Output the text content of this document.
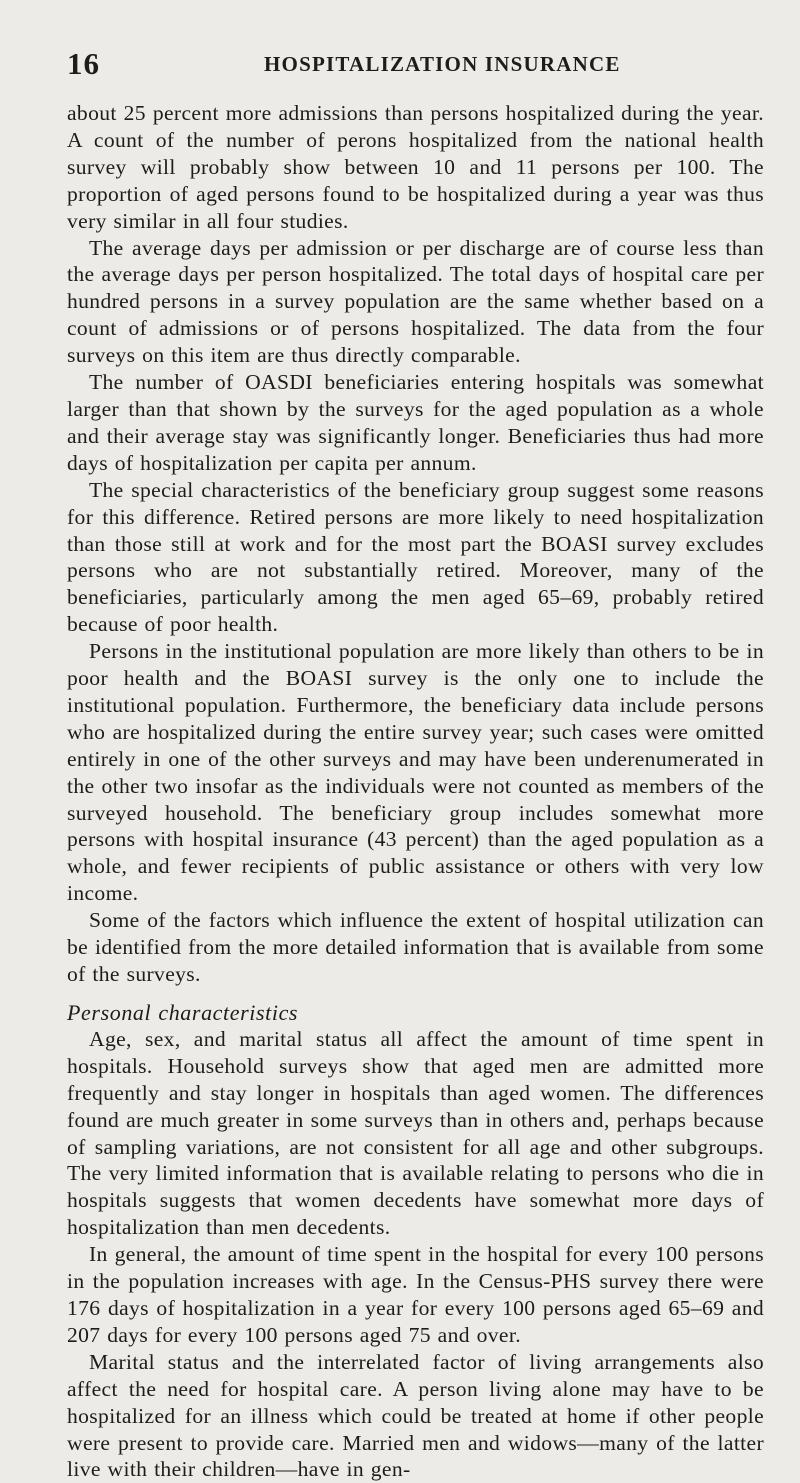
16	HOSPITALIZATION INSURANCE

about 25 percent more admissions than persons hospitalized during the year. A count of the number of perons hospitalized from the national health survey will probably show between 10 and 11 persons per 100. The proportion of aged persons found to be hospitalized during a year was thus very similar in all four studies.

The average days per admission or per discharge are of course less than the average days per person hospitalized. The total days of hospital care per hundred persons in a survey population are the same whether based on a count of admissions or of persons hospitalized. The data from the four surveys on this item are thus directly comparable.

The number of OASDI beneficiaries entering hospitals was somewhat larger than that shown by the surveys for the aged population as a whole and their average stay was significantly longer. Beneficiaries thus had more days of hospitalization per capita per annum.

The special characteristics of the beneficiary group suggest some reasons for this difference. Retired persons are more likely to need hospitalization than those still at work and for the most part the BOASI survey excludes persons who are not substantially retired. Moreover, many of the beneficiaries, particularly among the men aged 65–69, probably retired because of poor health.

Persons in the institutional population are more likely than others to be in poor health and the BOASI survey is the only one to include the institutional population. Furthermore, the beneficiary data include persons who are hospitalized during the entire survey year; such cases were omitted entirely in one of the other surveys and may have been underenumerated in the other two insofar as the individuals were not counted as members of the surveyed household. The beneficiary group includes somewhat more persons with hospital insurance (43 percent) than the aged population as a whole, and fewer recipients of public assistance or others with very low income.

Some of the factors which influence the extent of hospital utilization can be identified from the more detailed information that is available from some of the surveys.

Personal characteristics

Age, sex, and marital status all affect the amount of time spent in hospitals. Household surveys show that aged men are admitted more frequently and stay longer in hospitals than aged women. The differences found are much greater in some surveys than in others and, perhaps because of sampling variations, are not consistent for all age and other subgroups. The very limited information that is available relating to persons who die in hospitals suggests that women decedents have somewhat more days of hospitalization than men decedents.

In general, the amount of time spent in the hospital for every 100 persons in the population increases with age. In the Census-PHS survey there were 176 days of hospitalization in a year for every 100 persons aged 65–69 and 207 days for every 100 persons aged 75 and over.

Marital status and the interrelated factor of living arrangements also affect the need for hospital care. A person living alone may have to be hospitalized for an illness which could be treated at home if other people were present to provide care. Married men and widows—many of the latter live with their children—have in gen-
